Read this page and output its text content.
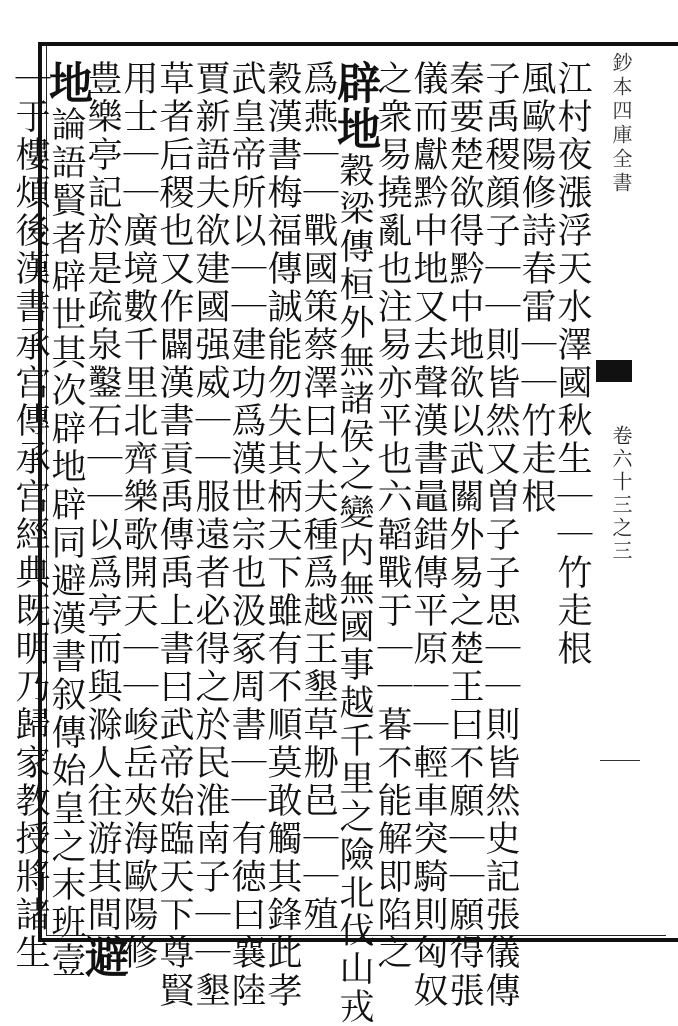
鈔本四庫全書
卷六十三之三
江村夜漲浮天水澤國秋生｜｜竹走根
風歐陽修詩春雷｜｜竹走根
子禹稷顔子｜｜則皆然又曽子子思｜｜則皆然史記張儀傳
秦要楚欲得黔中地欲以武關外易之楚王曰不願｜｜願得張
儀而獻黔中地又去聲漢書鼂錯傳平原｜｜輕車突騎則匈奴
之衆易撓亂也注易亦平也六韜戰于｜｜暮不能解即陷之
辟地穀梁傳桓外無諸侯之變内無國事越千里之險北伐山戎
爲燕｜｜戰國策蔡澤曰大夫種爲越王墾草刱邑｜｜殖
穀漢書梅福傳誠能勿失其柄天下雖有不順莫敢觸其鋒此孝
武皇帝所以｜｜建功爲漢世宗也汲冢周書｜｜有徳曰襄陸
賈新語夫欲建國强威｜｜服遠者必得之於民淮南子｜｜墾
草者后稷也又作闢漢書貢禹傳禹上書曰武帝始臨天下尊賢
用士｜｜廣境數千里北齊樂歌開天｜｜峻岳夾海歐陽修
豊樂亭記於是疏泉鑿石｜｜以爲亭而與滁人往游其間避
地論語賢者辟世其次辟地辟同避漢書叙傳始皇之末班壹
｜于樓煩後漢書承宫傳承宫經典既明乃歸家教授將諸生
